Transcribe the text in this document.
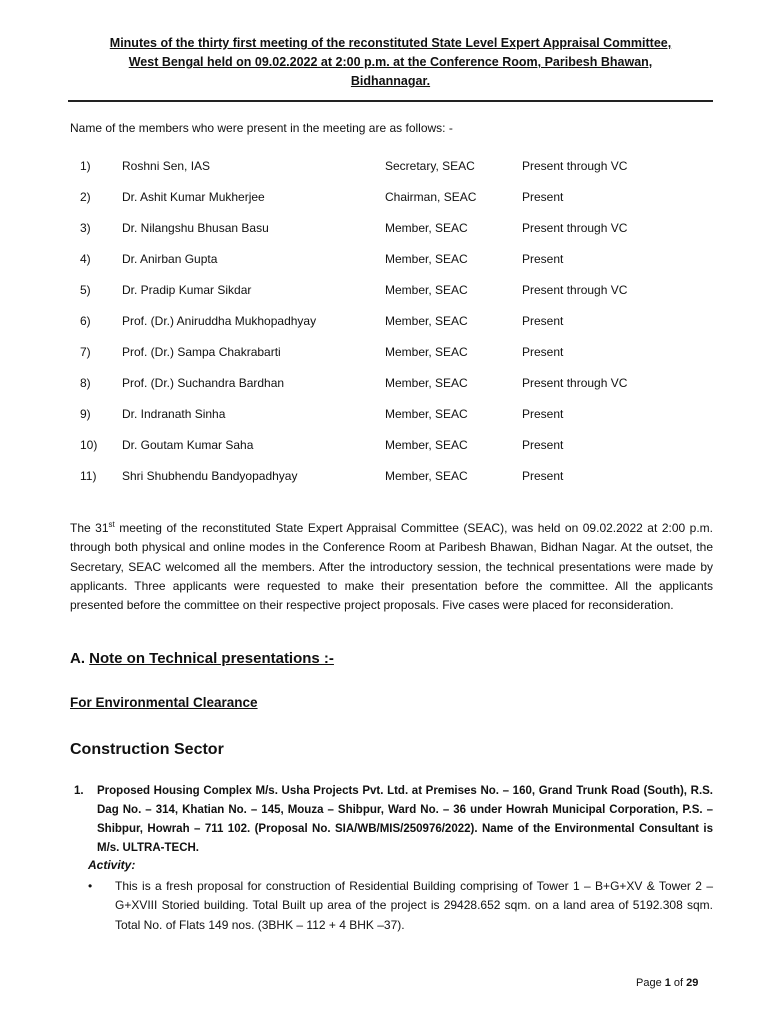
Minutes of the thirty first meeting of the reconstituted State Level Expert Appraisal Committee,
West Bengal held on 09.02.2022 at 2:00 p.m. at the Conference Room, Paribesh Bhawan,
Bidhannagar.
Name of the members who were present in the meeting are as follows: -
1)	Roshni Sen, IAS	Secretary, SEAC	Present through VC
2)	Dr. Ashit Kumar Mukherjee	Chairman, SEAC	Present
3)	Dr. Nilangshu Bhusan Basu	Member, SEAC	Present through VC
4)	Dr. Anirban Gupta	Member, SEAC	Present
5)	Dr. Pradip Kumar Sikdar	Member, SEAC	Present through VC
6)	Prof. (Dr.) Aniruddha Mukhopadhyay	Member, SEAC	Present
7)	Prof. (Dr.) Sampa Chakrabarti	Member, SEAC	Present
8)	Prof. (Dr.) Suchandra Bardhan	Member, SEAC	Present through VC
9)	Dr. Indranath Sinha	Member, SEAC	Present
10) Dr. Goutam Kumar Saha	Member, SEAC	Present
11) Shri Shubhendu Bandyopadhyay	Member, SEAC	Present
The 31st meeting of the reconstituted State Expert Appraisal Committee (SEAC), was held on 09.02.2022 at 2:00 p.m. through both physical and online modes in the Conference Room at Paribesh Bhawan, Bidhan Nagar. At the outset, the Secretary, SEAC welcomed all the members. After the introductory session, the technical presentations were made by applicants. Three applicants were requested to make their presentation before the committee. All the applicants presented before the committee on their respective project proposals. Five cases were placed for reconsideration.
A. Note on Technical presentations :-
For Environmental Clearance
Construction Sector
1. Proposed Housing Complex M/s. Usha Projects Pvt. Ltd. at Premises No. – 160, Grand Trunk Road (South), R.S. Dag No. – 314, Khatian No. – 145, Mouza – Shibpur, Ward No. – 36 under Howrah Municipal Corporation, P.S. – Shibpur, Howrah – 711 102. (Proposal No. SIA/WB/MIS/250976/2022). Name of the Environmental Consultant is M/s. ULTRA-TECH.
Activity:
• This is a fresh proposal for construction of Residential Building comprising of Tower 1 – B+G+XV & Tower 2 – G+XVIII Storied building. Total Built up area of the project is 29428.652 sqm. on a land area of 5192.308 sqm. Total No. of Flats 149 nos. (3BHK – 112 + 4 BHK –37).
Page 1 of 29
